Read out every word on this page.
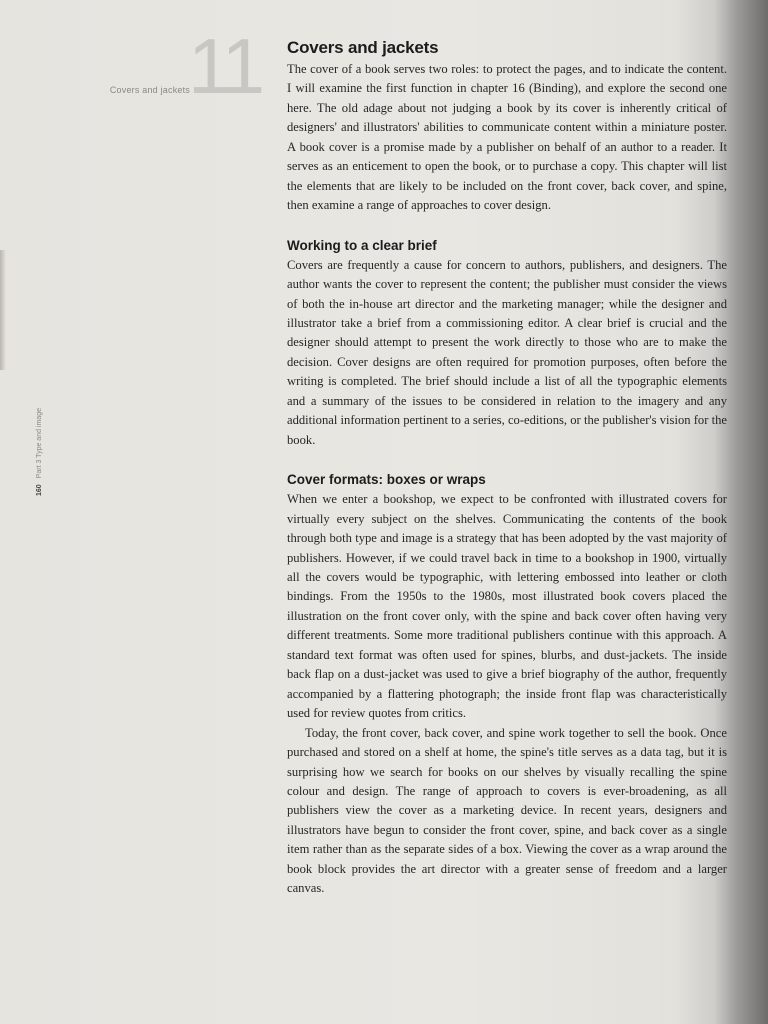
Covers and jackets
11
160Part 3 Type and image
Covers and jackets

The cover of a book serves two roles: to protect the pages, and to indicate the content. I will examine the first function in chapter 16 (Binding), and explore the second one here. The old adage about not judging a book by its cover is inherently critical of designers' and illustrators' abilities to communicate content within a miniature poster. A book cover is a promise made by a publisher on behalf of an author to a reader. It serves as an enticement to open the book, or to purchase a copy. This chapter will list the elements that are likely to be included on the front cover, back cover, and spine, then examine a range of approaches to cover design.

Working to a clear brief

Covers are frequently a cause for concern to authors, publishers, and designers. The author wants the cover to represent the content; the publisher must consider the views of both the in-house art director and the marketing manager; while the designer and illustrator take a brief from a commissioning editor. A clear brief is crucial and the designer should attempt to present the work directly to those who are to make the decision. Cover designs are often required for promotion purposes, often before the writing is completed. The brief should include a list of all the typographic elements and a summary of the issues to be considered in relation to the imagery and any additional information pertinent to a series, co-editions, or the publisher's vision for the book.

Cover formats: boxes or wraps

When we enter a bookshop, we expect to be confronted with illustrated covers for virtually every subject on the shelves. Communicating the contents of the book through both type and image is a strategy that has been adopted by the vast majority of publishers. However, if we could travel back in time to a bookshop in 1900, virtually all the covers would be typographic, with lettering embossed into leather or cloth bindings. From the 1950s to the 1980s, most illustrated book covers placed the illustration on the front cover only, with the spine and back cover often having very different treatments. Some more traditional publishers continue with this approach. A standard text format was often used for spines, blurbs, and dust-jackets. The inside back flap on a dust-jacket was used to give a brief biography of the author, frequently accompanied by a flattering photograph; the inside front flap was characteristically used for review quotes from critics.

Today, the front cover, back cover, and spine work together to sell the book. Once purchased and stored on a shelf at home, the spine's title serves as a data tag, but it is surprising how we search for books on our shelves by visually recalling the spine colour and design. The range of approach to covers is ever-broadening, as all publishers view the cover as a marketing device. In recent years, designers and illustrators have begun to consider the front cover, spine, and back cover as a single item rather than as the separate sides of a box. Viewing the cover as a wrap around the book block provides the art director with a greater sense of freedom and a larger canvas.
